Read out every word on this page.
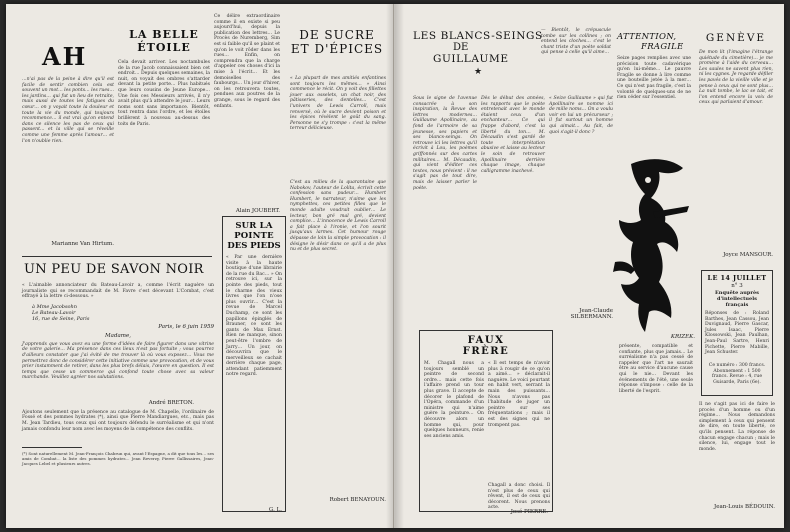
AH
…n'ai pas de la peine à dire qu'il est facile de sentir combien cela est souvent un mot… les ponts… les rues… les jardins… qui fut un lieu de retraite, mais aussi de toutes les fatigues du cœur… on y voyait toute la douleur et toute la vie du monde, qui toujours recommence… il est vrai qu'on entend dans ce silence les pas de ceux qui passent… et la ville qui se réveille comme une femme après l'amour… et l'on n'oublie rien.
Marianne Van Hirtum.
LA BELLE
ÉTOILE
Cela devait arriver. Les noctambules de la rue Jacob connaissaient bien cet endroit… Depuis quelques semaines, la nuit, on voyait des ombres s'attarder devant la petite porte… Plus habitués que leurs cousins de Jeune Europe… Une fois ces Messieurs arrivés, il n'y avait plus qu'à attendre le jour… Leurs noms sont sans importance. Bientôt, tout rentra dans l'ordre, et les étoiles brillèrent à nouveau au-dessus des toits de Paris.
Ce délire extraordinaire comme il en existe si peu aujourd'hui, depuis la publication des lettres… Le Procès de Nuremberg, Sim est si faible qu'il se plaint et qu'on le voit rôder dans les rues… Enfin, on comprendra que la charge d'appeler ces choses d'ici la mise à l'écrit… Et les demoiselles des faubourgs… Un jour d'hiver, on les retrouvera toutes, pendues aux poutres de la grange, sous le regard des enfants.
Alain JOUBERT.
DE SUCRE
ET D'ÉPICES
« La plupart de mes amitiés enfantines sont toujours les mêmes… » Ainsi commence le récit. On y voit des fillettes jouer aux osselets, un chat noir, des pâtisseries, des dentelles… C'est l'univers de Lewis Carroll, mais renversé, où le sucre devient poison et les épices révèlent le goût du sang. Personne ne s'y trompe : c'est la même terreur délicieuse.
C'est au milieu de la quarantaine que Nabokov, l'auteur de Lolita, écrivit cette confession sans pudeur… Humbert Humbert, le narrateur, n'aime que les nymphettes, ces petites filles que le monde adulte voudrait oublier… Le lecteur, bon gré mal gré, devient complice… L'innocence de Lewis Carroll a fait place à l'ironie, et l'on sourit jusqu'aux larmes. Cet humour rouge dépasse de loin la simple provocation : il désigne le désir dans ce qu'il a de plus nu et de plus secret.
Robert BENAYOUN.
UN PEU DE SAVON NOIR
« L'aimable annonciateur du Bateau-Lavoir a, comme l'écrit naguère un journaliste qui se recommandait de M. Favre c'est décevant L'Combat, c'est effrayé à la lettre ci-dessous. »
à Mme Jacobsohn
Le Bateau-Lavoir
16, rue de Seine, Paris
Paris, le 6 juin 1959
Madame,
J'apprends que vous avez eu une forme d'idées de faire figurer dans une vitrine de votre galerie… Ma présence dans ces lieux n'est pas fortuite ; vous pourrez d'ailleurs constater que j'ai évité de me trouver là où vous exposez… Vous me permettrez donc de considérer cette initiative comme une provocation, et de vous prier instamment de retirer, dans les plus brefs délais, l'œuvre en question. Il est temps que cesse un commerce qui confond toute chose avec sa valeur marchande. Veuillez agréer nos salutations.
André BRETON.
Ajoutons seulement que la présence au catalogue de M. Chapelle, l'ordinaire de Fossé et des pommes hydrates (*), ainsi que Pierre Mandiargues, etc., mais pas M. Jean Tardieu, tous ceux qui ont toujours défendu le surréalisme et qui n'ont jamais confondu leur nom avec les moyens de la compétence des conflits.
(*) Sont naturellement M. Jean-François Chabrun qui, avant l'Espagne, a dit que tous les… ses amis de Combat… la liste des pommes hydrates… Jean Reverzy, Pierre Gallissaires, Jean-Jacques Lebel et plusieurs autres.
SUR LA POINTE
DES PIEDS
« Par une dernière visite à la haute boutique d'une librairie de la rue du Bac… » On retrouve ici, sur la pointe des pieds, tout le charme des vieux livres que l'on n'ose plus ouvrir… C'est la revue de Marcel Duchamp, ce sont les papillons épinglés de Brauner, ce sont les gants de Max Ernst. Rien ne manque, sinon peut-être l'ombre de Jarry… Un jour, on découvrira que le merveilleux se cachait derrière chaque page, attendant patiemment notre regard.
G. L.
LES BLANCS-SEINGS
DE
GUILLAUME
★
— Bientôt, le crépuscule tombe sur les collines ; on entend les cloches… c'est le chant triste d'un poète soldat qui pense à celle qu'il aime…
Sous le signe de l'avenue consacrée à son inspiration, la Revue des lettres modernes… Guillaume Apollinaire, au fond de l'armoire de sa jeunesse, ses papiers et ses blancs-seings. On retrouve ici les lettres qu'il écrivit à Lou, les poèmes griffonnés sur des cartes militaires… M. Décaudin, qui vient d'éditer ces textes, nous prévient : il ne s'agit pas de tout dire, mais de laisser parler le poète.
Dès le début des années, les rapports que le poète entretenait avec le monde étaient ceux d'un enchanteur… Ce qui frappe d'abord, c'est la liberté du ton… M. Décaudin s'est gardé de toute interprétation abusive et laisse au lecteur le soin de retrouver Apollinaire derrière chaque image, chaque calligramme inachevé.
« Seize Guillaume » qui fut Apollinaire se nomme ici de mille noms… On a voulu voir en lui un précurseur ; il fut surtout un homme qui aimait… Au fait, de quoi s'agit-il donc ?
Jean-Claude SILBERMANN.
FAUX
FRÈRE
M. Chagall nous a toujours semblé un peintre de second ordre… mais cette fois l'affaire prend un tour plus grave. Il accepte de décorer le plafond de l'Opéra, commande d'un ministre qui n'aime guère la peinture… On découvre alors un homme qui, pour quelques honneurs, renie ses anciens amis.
« Il est temps de n'avoir plus à rougir de ce qu'on a aimé… » déclarait-il naguère. Le voici pourtant en habit vert, serrant la main des puissants… Nous n'avons pas l'habitude de juger un peintre sur ses fréquentations ; mais il est des signes qui ne trompent pas.
Chagall a donc choisi. Il n'est plus de ceux qui rêvent, il est de ceux qui décorent. Nous prenons acte.
José PIERRE.
ATTENTION,
FRAGILE
Seize pages remplies avec une précision toute cadavérique qu'en lui-même… Le pauvre Fragile se donne à lire comme une bouteille jetée à la mer… Ce qui n'est pas fragile, c'est la volonté de quelques-uns de ne rien céder sur l'essentiel.
KRIZEK.
présente, compatible et confiante, plus que jamais… Le surréalisme n'a pas cessé de rappeler que l'art ne saurait être au service d'aucune cause qui le nie… Devant les événements de l'été, une seule réponse s'impose : celle de la liberté de l'esprit.
GENÈVE
De mon lit (l'imagine l'étrange quiétude du cimetière)… je me promène à l'aide du cerveau… Les saules ne savent plus rien, ni les cygnes. Je regarde défiler les pavés de la vieille ville et je pense à ceux qui ne sont plus… La nuit tombe, le lac se tait, et l'on entend encore la voix de ceux qui parlaient d'amour.
Joyce MANSOUR.
LE 14 JUILLET
n° 3
Enquête auprès d'intellectuels français
Réponses de : Roland Barthes, Jean Cassou, Jean Duvignaud, Pierre Gascar, Jules Isaac, Pierre Klossowski, Jean Paulhan, Jean-Paul Sartre, Henri Pichette, Pierre Mabille, Jean Schuster.
Ce numéro : 300 francs. Abonnement : 1 500 francs. Revue : 4, rue Guisarde, Paris (6e).
Il ne s'agit pas ici de faire le procès d'un homme ou d'un régime… Nous demandons simplement à ceux qui pensent de dire, en toute liberté, ce qu'ils pensent. La réponse de chacun engage chacun ; mais le silence, lui, engage tout le monde.
Jean-Louis BÉDOUIN.
